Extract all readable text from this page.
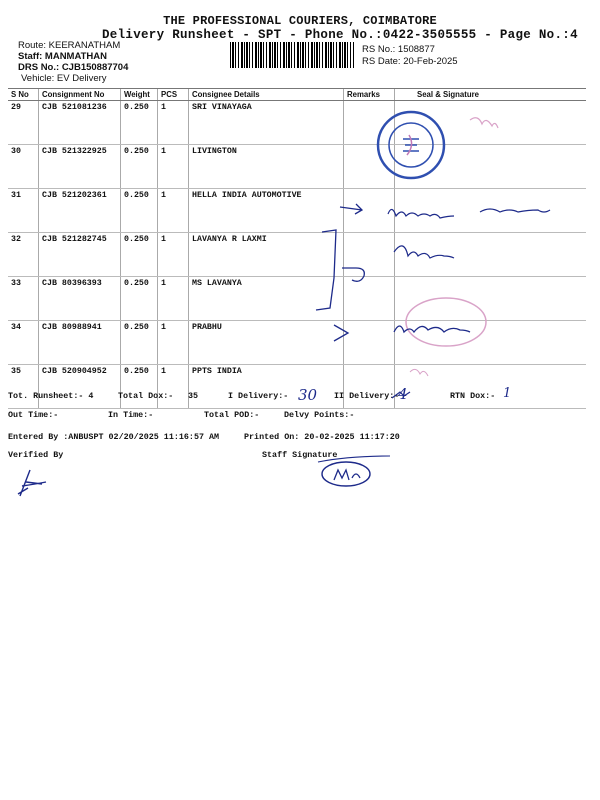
THE PROFESSIONAL COURIERS, COIMBATORE
Delivery Runsheet - SPT - Phone No.:0422-3505555 - Page No.:4
Route: KEERANATHAM
Staff: MANMATHAN
DRS No.: CJB150887704
Vehicle: EV Delivery
RS No.: 1508877
RS Date: 20-Feb-2025
S No	Consignment No	Weight	PCS	Consignee Details	Remarks	Seal & Signature
29	CJB 521081236	0.250	1	SRI VINAYAGA		
30	CJB 521322925	0.250	1	LIVINGTON		
31	CJB 521202361	0.250	1	HELLA INDIA AUTOMOTIVE		
32	CJB 521282745	0.250	1	LAVANYA R LAXMI		
33	CJB 80396393	0.250	1	MS LAVANYA		
34	CJB 80988941	0.250	1	PRABHU		
35	CJB 520904952	0.250	1	PPTS INDIA		
Tot. Runsheet:- 4	Total Dox:- 35	I Delivery:- 30 II Delivery:-
4	RTN Dox:- 1
Out Time:-	In Time:-	Total POD:-	Delvy Points:-
Entered By :ANBUSPT 02/20/2025 11:16:57 AM	Printed On: 20-02-2025 11:17:20
Verified By	Staff Signature
